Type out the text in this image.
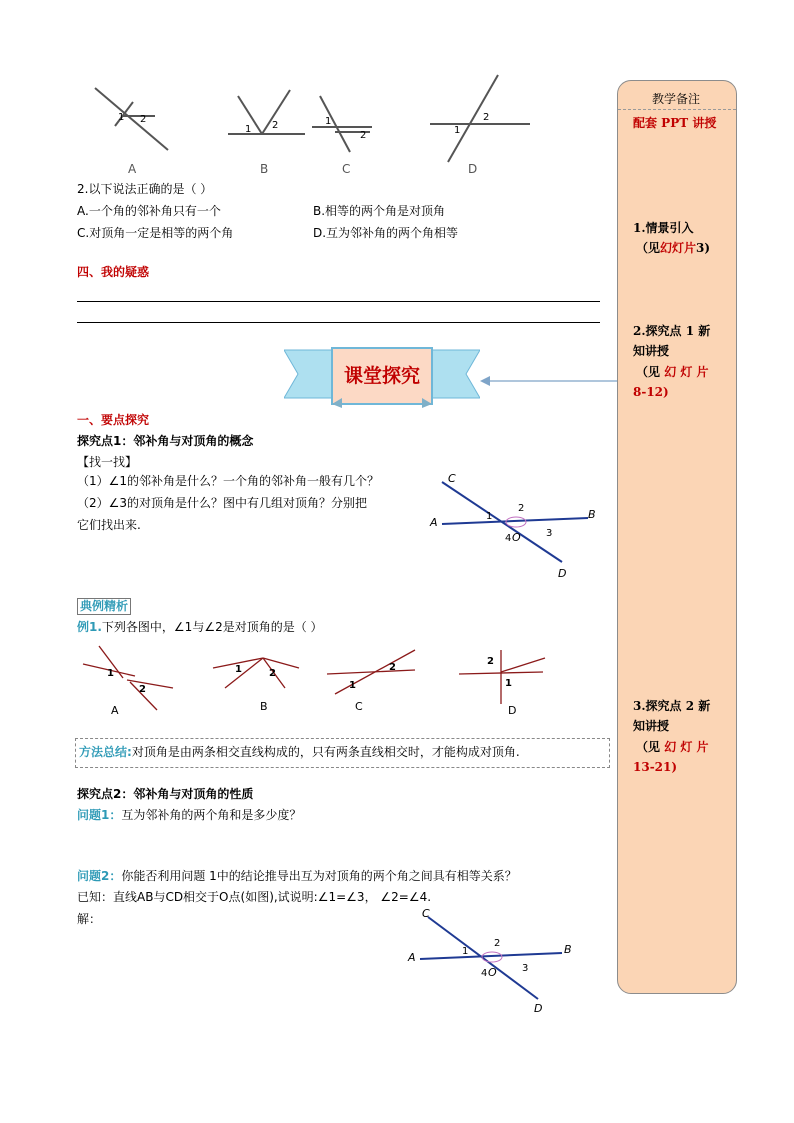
1 2
A
1 2
B
1
2
C
1
2
D
2.以下说法正确的是（ ）
A.一个角的邻补角只有一个	B.相等的两个角是对顶角
C.对顶角一定是相等的两个角	D.互为邻补角的两个角相等
四、我的疑惑
课堂探究
一、要点探究
探究点1：邻补角与对顶角的概念
【找一找】
（1）∠1的邻补角是什么？一个角的邻补角一般有几个？
（2）∠3的对顶角是什么？图中有几组对顶角？分别把
它们找出来.
C
A
B
D
O
1
2
3
4
典例精析
例1.下列各图中，∠1与∠2是对顶角的是（ ）
1
2
A
1	2
B
1
2
C
2
1
D
方法总结:对顶角是由两条相交直线构成的，只有两条直线相交时，才能构成对顶角.
探究点2：邻补角与对顶角的性质
问题1：互为邻补角的两个角和是多少度？
问题2：你能否利用问题 1中的结论推导出互为对顶角的两个角之间具有相等关系？
已知：直线AB与CD相交于O点(如图),试说明:∠1=∠3， ∠2=∠4.
解：	C
A
B
D
O
1
2
3
4
教学备注
配套 PPT 讲授
1.情景引入
（见幻灯片3)
2.探究点 1 新
知讲授
（见 幻 灯 片
8-12)
3.探究点 2 新
知讲授
（见 幻 灯 片
13-21)
